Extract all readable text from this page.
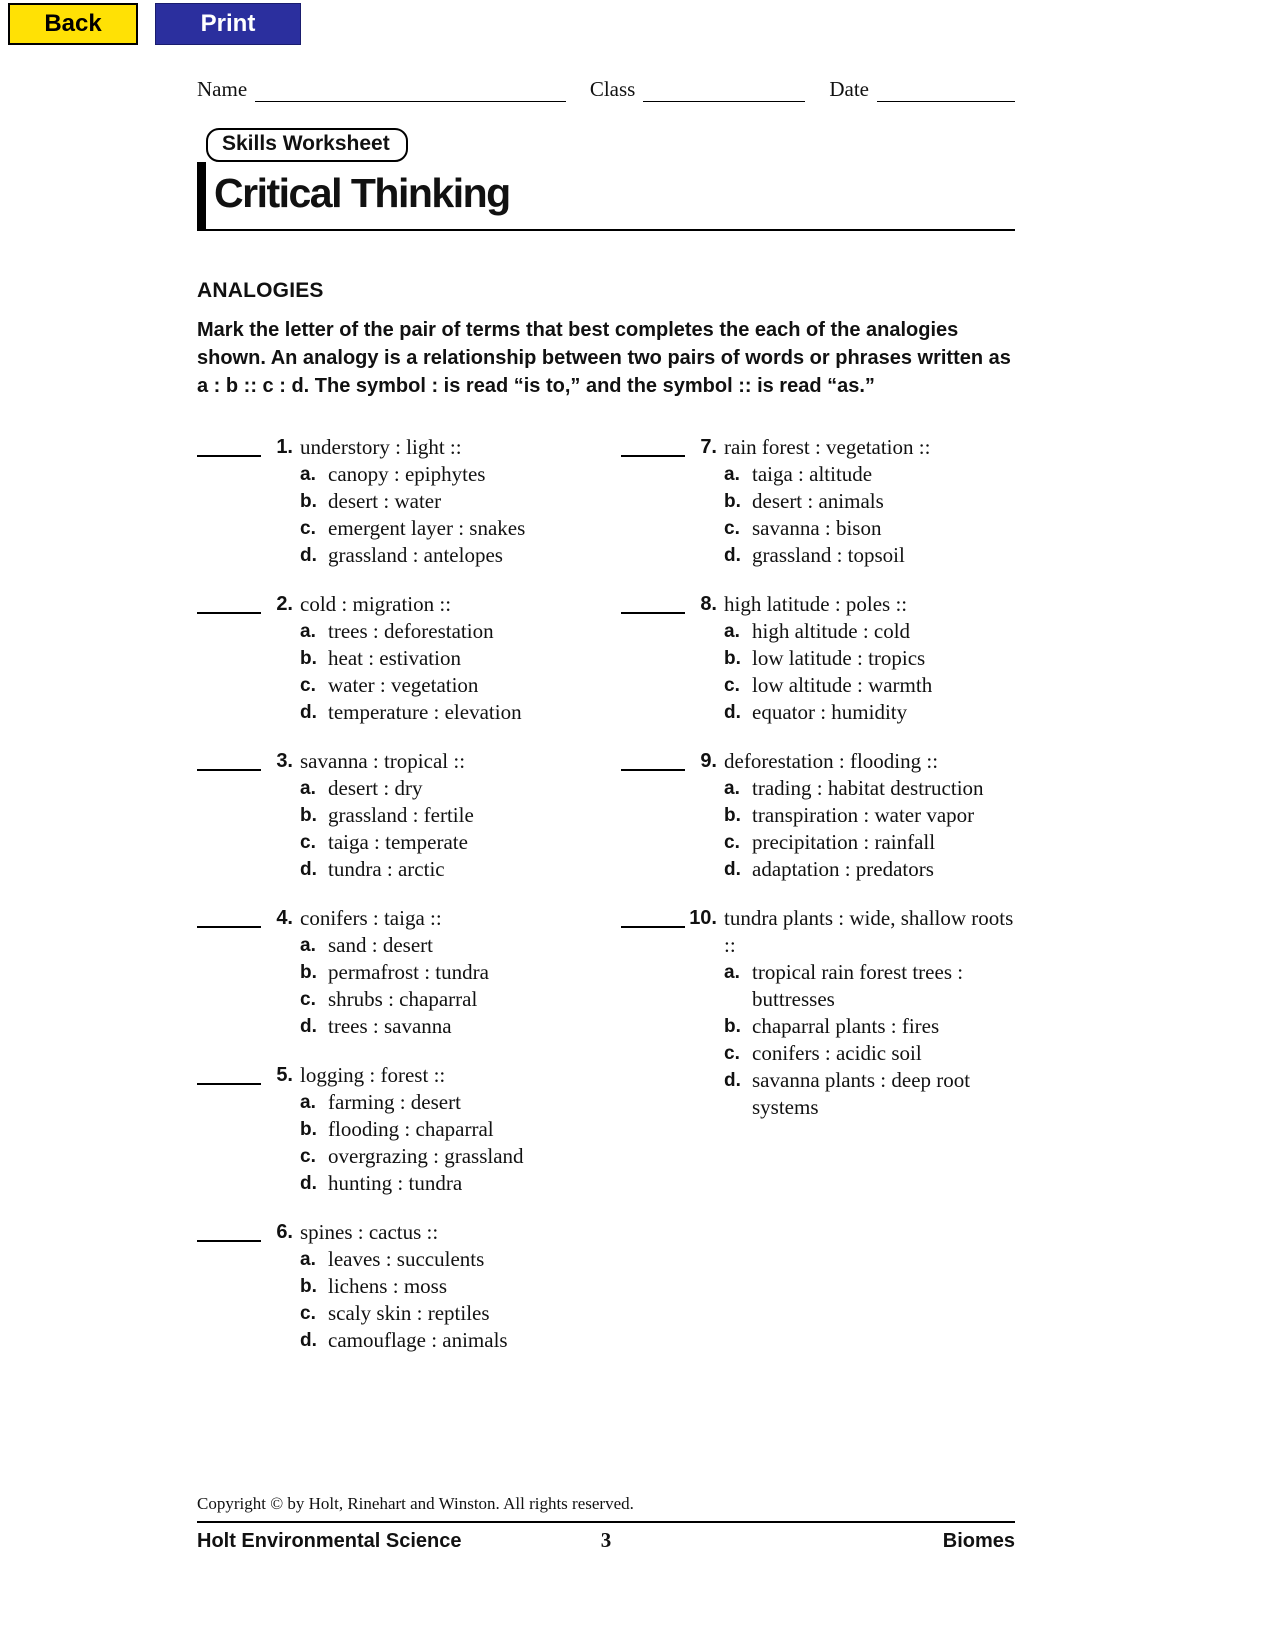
Back	Print
Name	Class	Date
Skills Worksheet
Critical Thinking
ANALOGIES

Mark the letter of the pair of terms that best completes the each of the analogies shown. An analogy is a relationship between two pairs of words or phrases written as a : b :: c : d. The symbol : is read “is to,” and the symbol :: is read “as.”

1. understory : light ::
a. canopy : epiphytes
b. desert : water
c. emergent layer : snakes
d. grassland : antelopes
2. cold : migration ::
a. trees : deforestation
b. heat : estivation
c. water : vegetation
d. temperature : elevation
3. savanna : tropical ::
a. desert : dry
b. grassland : fertile
c. taiga : temperate
d. tundra : arctic
4. conifers : taiga ::
a. sand : desert
b. permafrost : tundra
c. shrubs : chaparral
d. trees : savanna
5. logging : forest ::
a. farming : desert
b. flooding : chaparral
c. overgrazing : grassland
d. hunting : tundra
6. spines : cactus ::
a. leaves : succulents
b. lichens : moss
c. scaly skin : reptiles
d. camouflage : animals
7. rain forest : vegetation ::
a. taiga : altitude
b. desert : animals
c. savanna : bison
d. grassland : topsoil
8. high latitude : poles ::
a. high altitude : cold
b. low latitude : tropics
c. low altitude : warmth
d. equator : humidity
9. deforestation : flooding ::
a. trading : habitat destruction
b. transpiration : water vapor
c. precipitation : rainfall
d. adaptation : predators
10. tundra plants : wide, shallow roots ::
a. tropical rain forest trees : buttresses
b. chaparral plants : fires
c. conifers : acidic soil
d. savanna plants : deep root systems
Copyright © by Holt, Rinehart and Winston. All rights reserved.
Holt Environmental Science	3	Biomes
